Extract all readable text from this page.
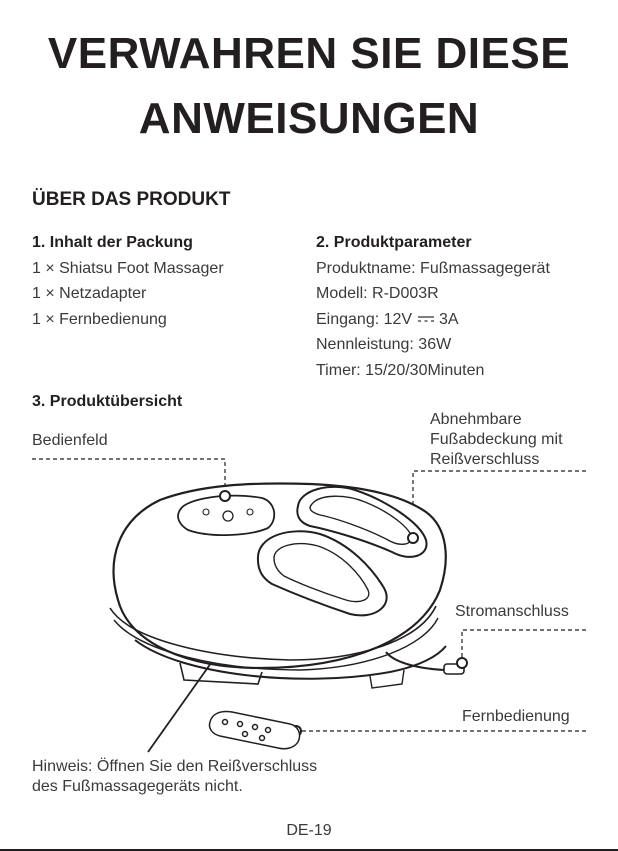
VERWAHREN SIE DIESE
ANWEISUNGEN
ÜBER DAS PRODUKT
1. Inhalt der Packung
1 × Shiatsu Foot Massager
1 × Netzadapter
1 × Fernbedienung
2. Produktparameter
Produktname: Fußmassagegerät
Modell: R-D003R
Eingang: 12V  3A
Nennleistung: 36W
Timer: 15/20/30Minuten
3. Produktübersicht
Bedienfeld
Abnehmbare
Fußabdeckung mit
Reißverschluss
Stromanschluss
Fernbedienung
Hinweis: Öffnen Sie den Reißverschluss
des Fußmassagegeräts nicht.
DE-19
